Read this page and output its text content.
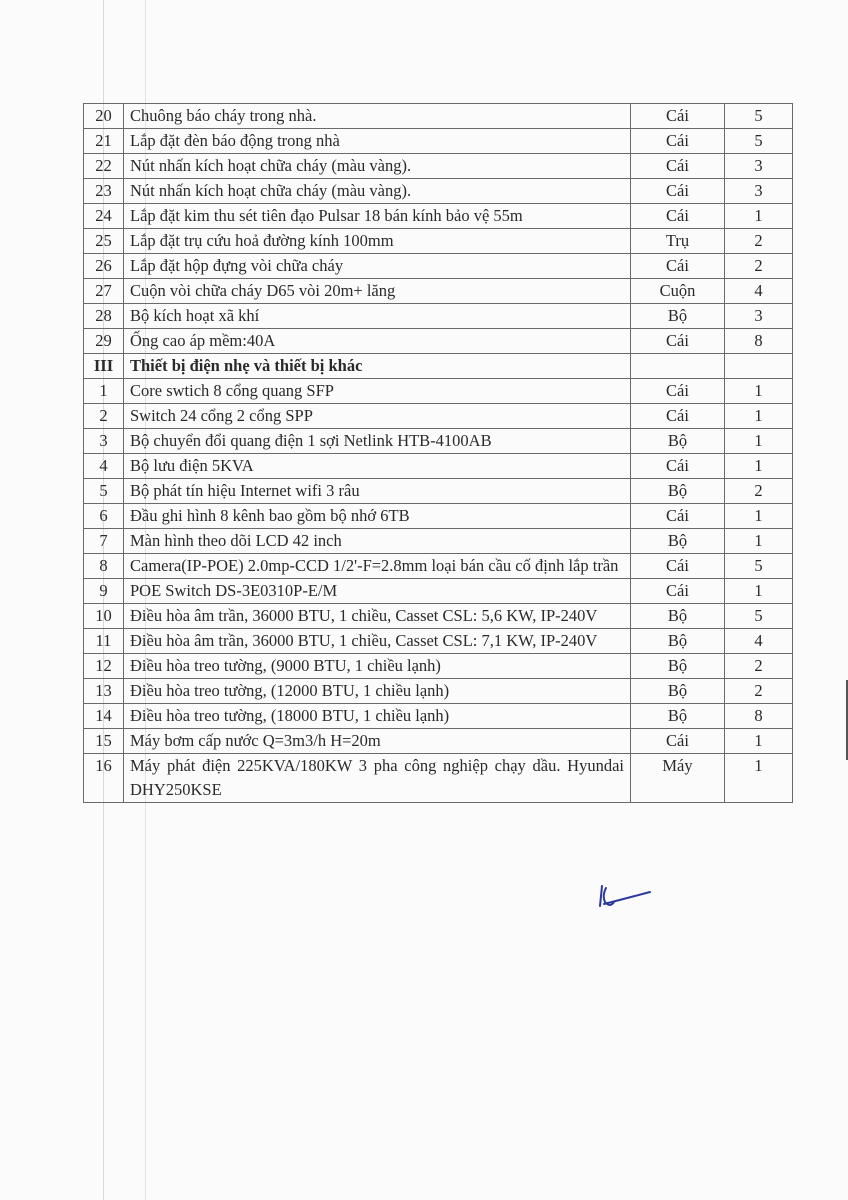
20	Chuông báo cháy trong nhà.	Cái	5
21	Lắp đặt đèn báo động trong nhà	Cái	5
22	Nút nhấn kích hoạt chữa cháy (màu vàng).	Cái	3
23	Nút nhấn kích hoạt chữa cháy (màu vàng).	Cái	3
24	Lắp đặt kim thu sét tiên đạo Pulsar 18 bán kính bảo vệ 55m	Cái	1
25	Lắp đặt trụ cứu hoả đường kính 100mm	Trụ	2
26	Lắp đặt hộp đựng vòi chữa cháy	Cái	2
27	Cuộn vòi chữa cháy D65 vòi 20m+ lăng	Cuộn	4
28	Bộ kích hoạt xã khí	Bộ	3
29	Ống cao áp mềm:40A	Cái	8
III	Thiết bị điện nhẹ và thiết bị khác		
1	Core swtich 8 cổng quang SFP	Cái	1
2	Switch 24 cổng 2 cổng SPP	Cái	1
3	Bộ chuyển đổi quang điện 1 sợi Netlink HTB-4100AB	Bộ	1
4	Bộ lưu điện 5KVA	Cái	1
5	Bộ phát tín hiệu Internet wifi 3 râu	Bộ	2
6	Đầu ghi hình 8 kênh bao gồm bộ nhớ 6TB	Cái	1
7	Màn hình theo dõi LCD 42 inch	Bộ	1
8	Camera(IP-POE) 2.0mp-CCD 1/2'-F=2.8mm loại bán cầu cố định lắp trần	Cái	5
9	POE Switch DS-3E0310P-E/M	Cái	1
10	Điều hòa âm trần, 36000 BTU, 1 chiều, Casset CSL: 5,6 KW, IP-240V	Bộ	5
11	Điều hòa âm trần, 36000 BTU, 1 chiều, Casset CSL: 7,1 KW, IP-240V	Bộ	4
12	Điều hòa treo tường, (9000 BTU, 1 chiều lạnh)	Bộ	2
13	Điều hòa treo tường, (12000 BTU, 1 chiều lạnh)	Bộ	2
14	Điều hòa treo tường, (18000 BTU, 1 chiều lạnh)	Bộ	8
15	Máy bơm cấp nước Q=3m3/h H=20m	Cái	1
16	Máy phát điện 225KVA/180KW 3 pha công nghiệp chạy dầu. Hyundai DHY250KSE	Máy	1
